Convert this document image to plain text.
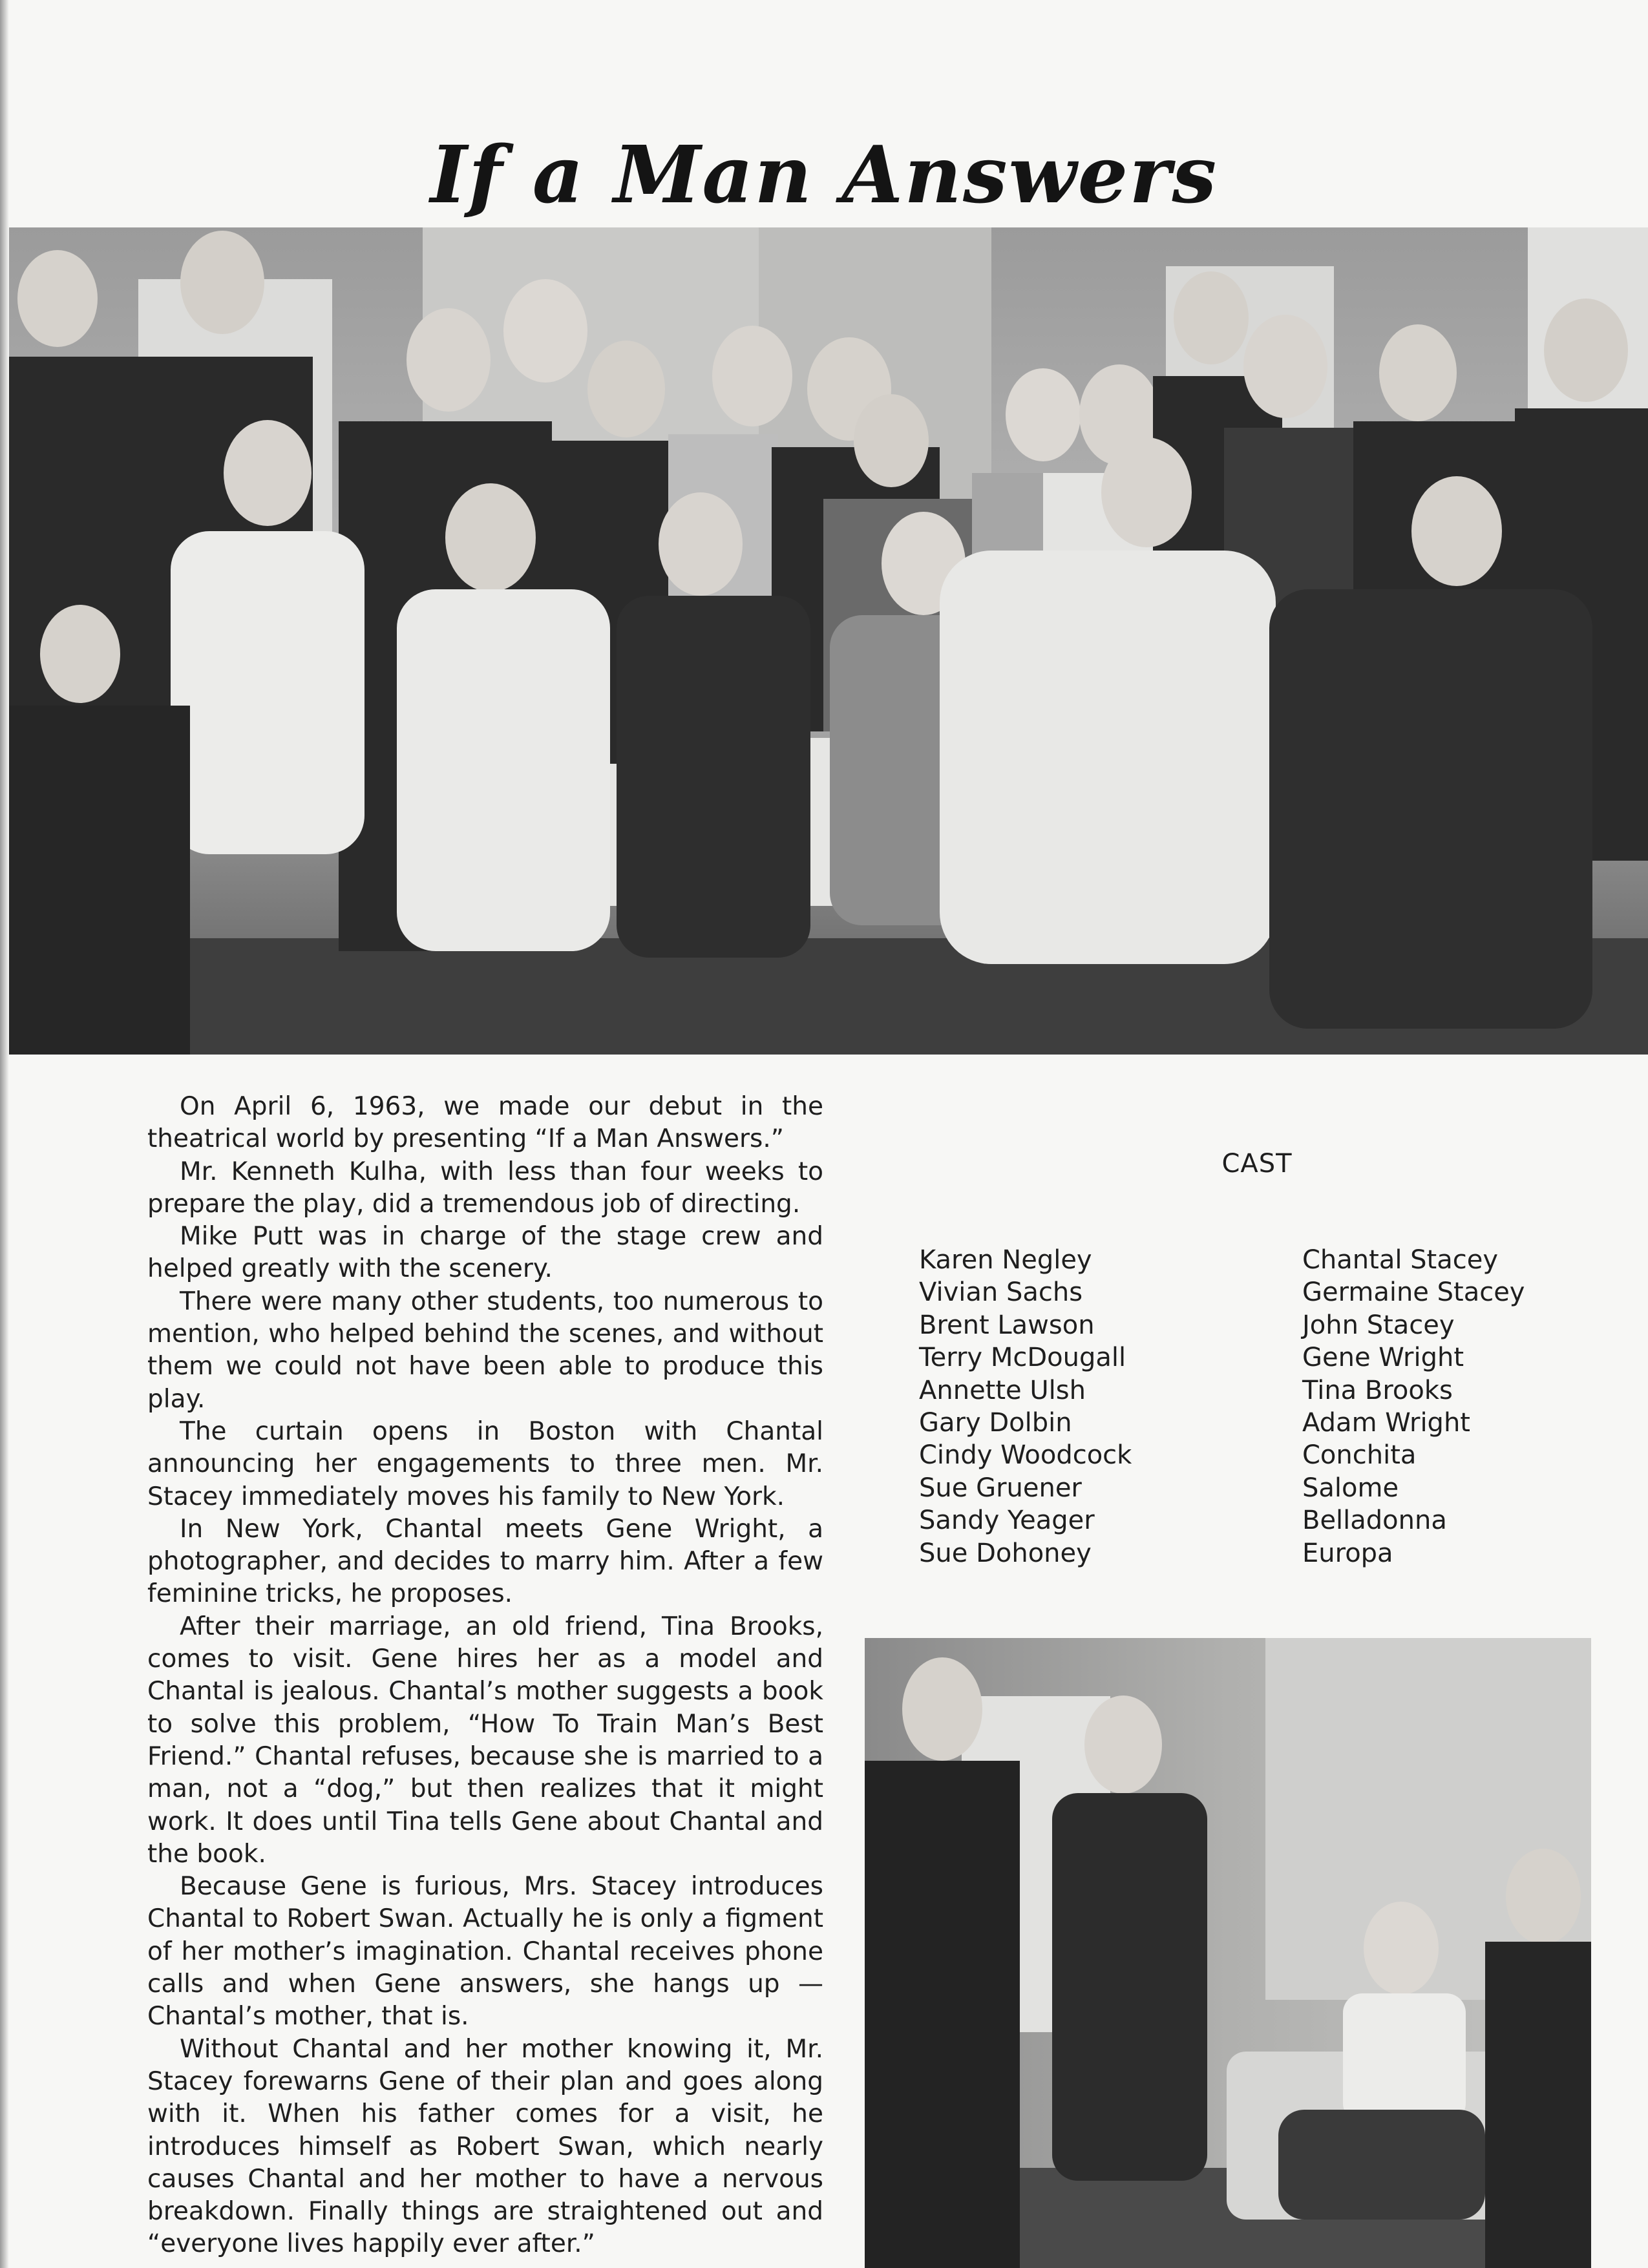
If a Man Answers

On April 6, 1963, we made our debut in the theatrical world by presenting “If a Man Answers.”

Mr. Kenneth Kulha, with less than four weeks to prepare the play, did a tremendous job of directing.

Mike Putt was in charge of the stage crew and helped greatly with the scenery.

There were many other students, too numerous to mention, who helped behind the scenes, and without them we could not have been able to produce this play.

The curtain opens in Boston with Chantal announcing her engagements to three men. Mr. Stacey immediately moves his family to New York.

In New York, Chantal meets Gene Wright, a photographer, and decides to marry him. After a few feminine tricks, he proposes.

After their marriage, an old friend, Tina Brooks, comes to visit. Gene hires her as a model and Chantal is jealous. Chantal’s mother suggests a book to solve this problem, “How To Train Man’s Best Friend.” Chantal refuses, because she is married to a man, not a “dog,” but then realizes that it might work. It does until Tina tells Gene about Chantal and the book.

Because Gene is furious, Mrs. Stacey introduces Chantal to Robert Swan. Actually he is only a figment of her mother’s imagination. Chantal receives phone calls and when Gene answers, she hangs up —Chantal’s mother, that is.

Without Chantal and her mother knowing it, Mr. Stacey forewarns Gene of their plan and goes along with it. When his father comes for a visit, he introduces himself as Robert Swan, which nearly causes Chantal and her mother to have a nervous breakdown. Finally things are straightened out and “everyone lives happily ever after.”

CAST
Karen Negley
Vivian Sachs
Brent Lawson
Terry McDougall
Annette Ulsh
Gary Dolbin
Cindy Woodcock
Sue Gruener
Sandy Yeager
Sue Dohoney
Chantal Stacey
Germaine Stacey
John Stacey
Gene Wright
Tina Brooks
Adam Wright
Conchita
Salome
Belladonna
Europa
